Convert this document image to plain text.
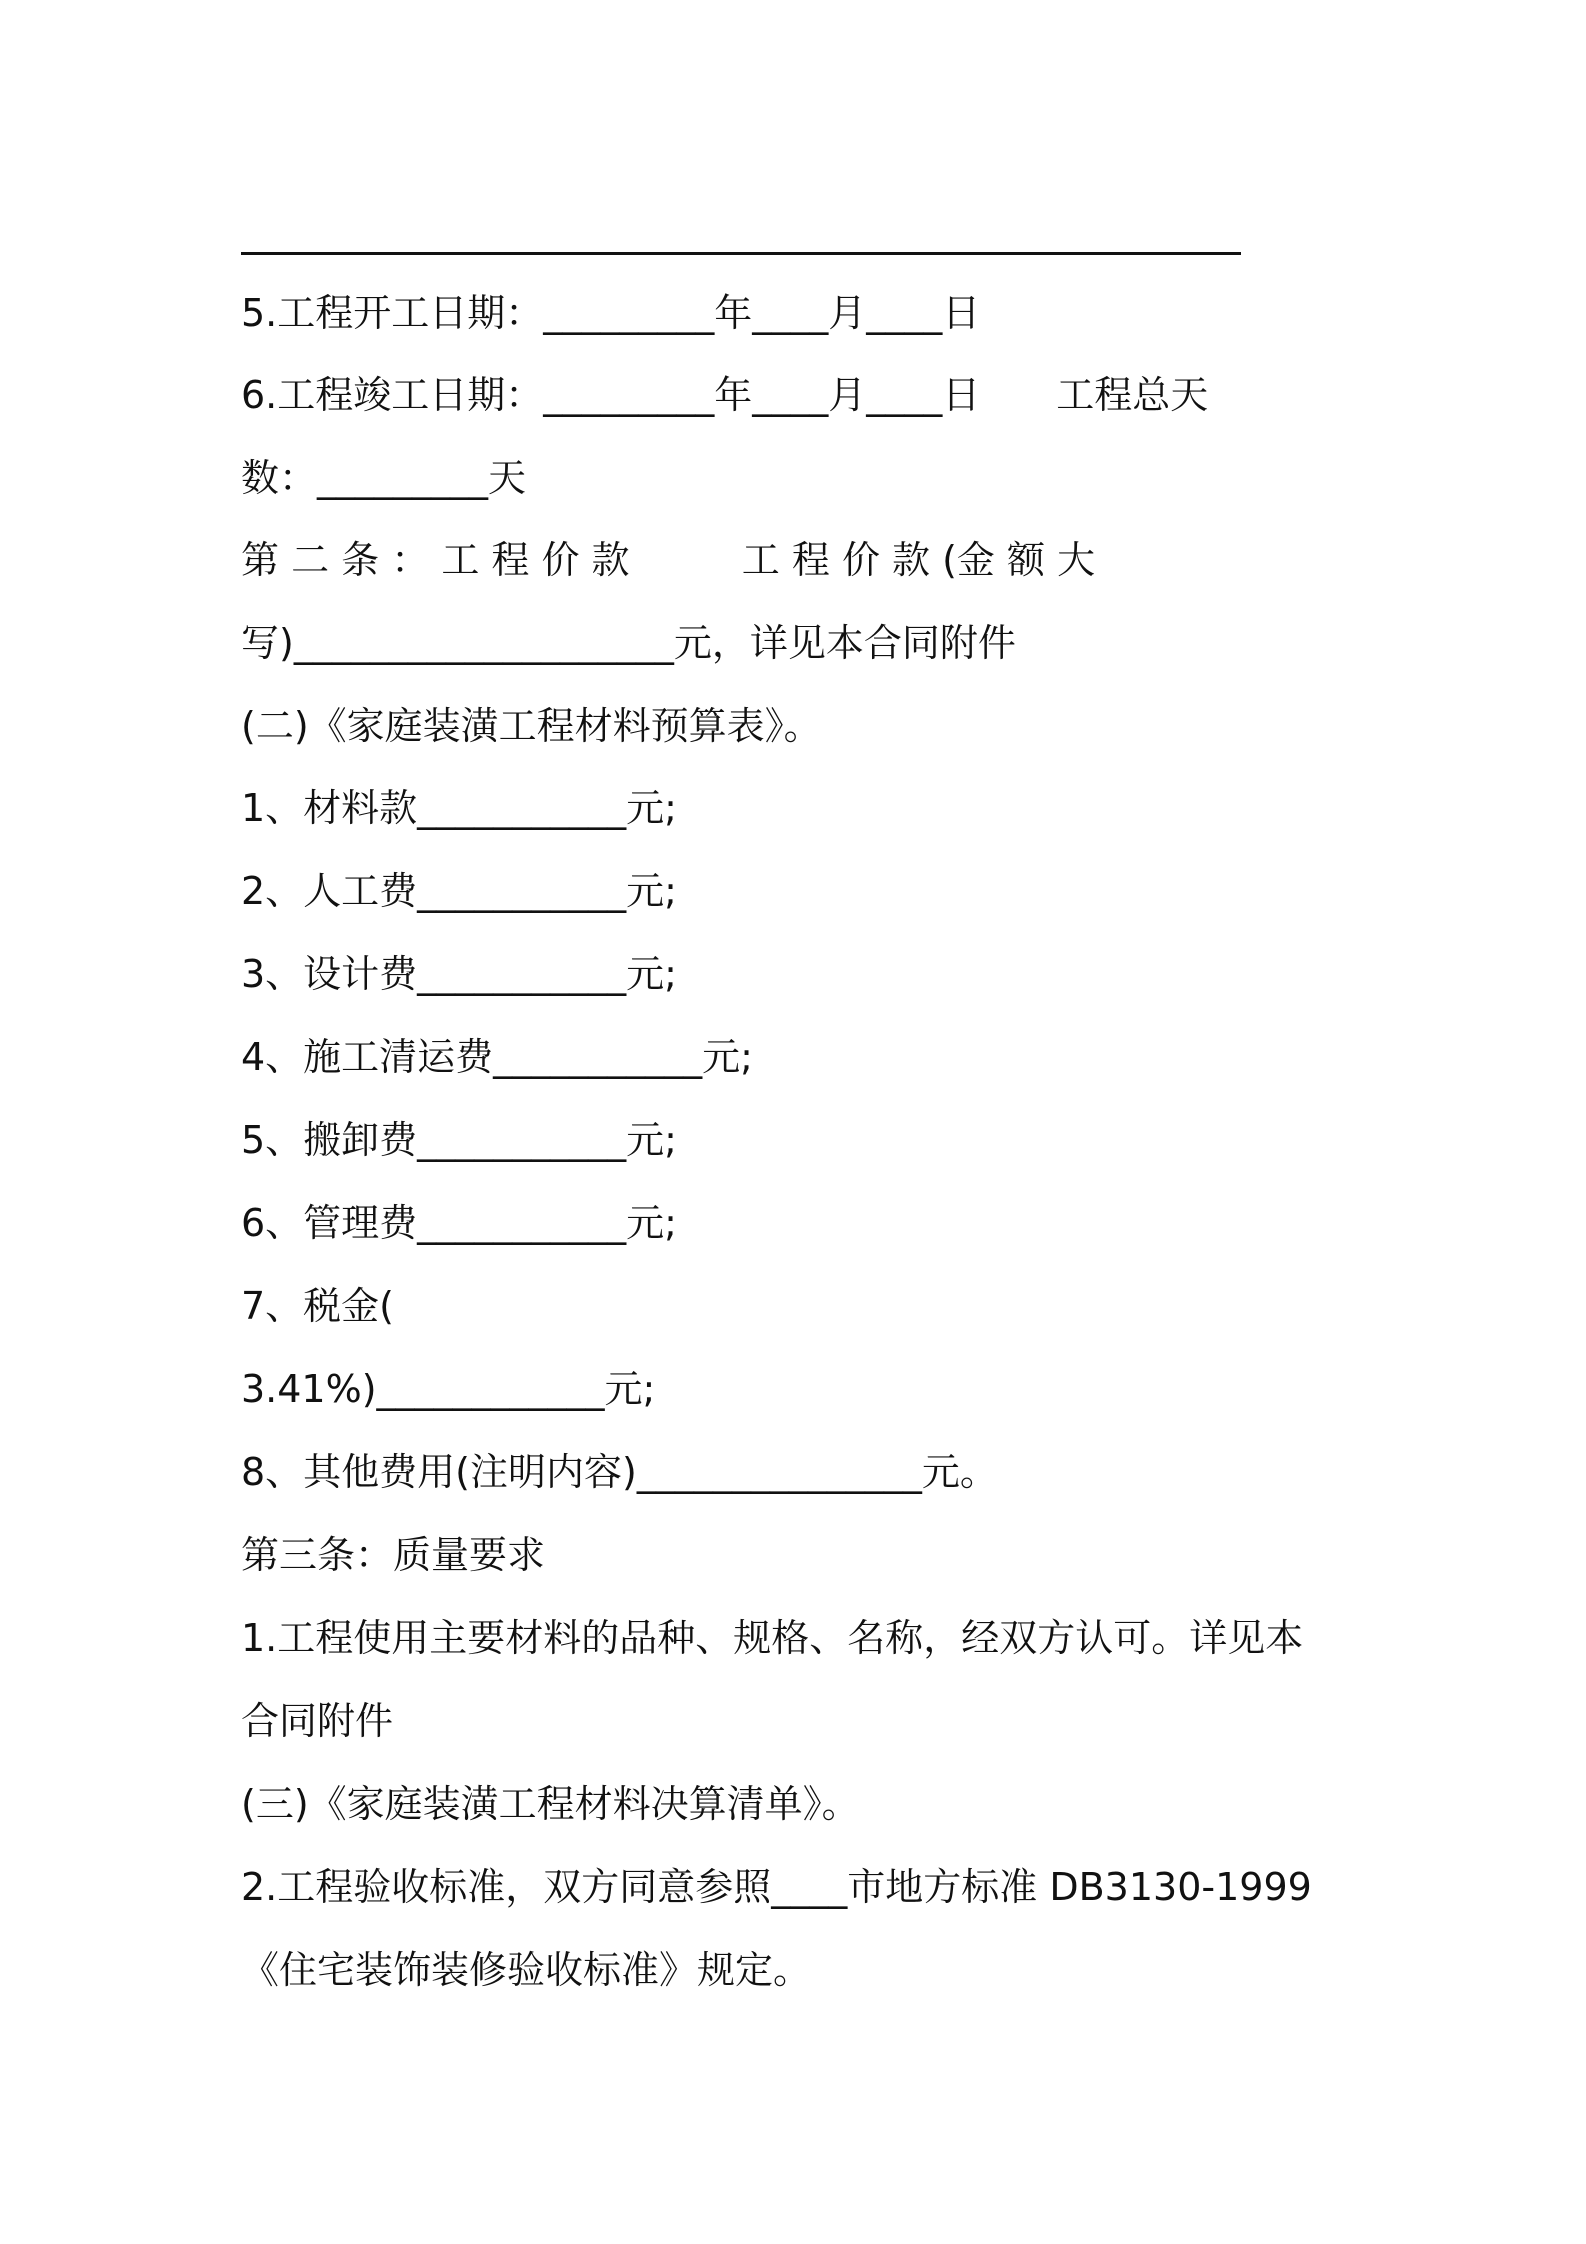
5.工程开工日期：_________年____月____日
6.工程竣工日期：_________年____月____日　　工程总天
数：_________天
第 二 条 ： 工 程 价 款 　 　 工 程 价 款 (金 额 大
写)____________________元，详见本合同附件
(二)《家庭装潢工程材料预算表》。
1、材料款___________元;
2、人工费___________元;
3、设计费___________元;
4、施工清运费___________元;
5、搬卸费___________元;
6、管理费___________元;
7、税金(
3.41%)____________元;
8、其他费用(注明内容)_______________元。
第三条：质量要求
1.工程使用主要材料的品种、规格、名称，经双方认可。详见本
合同附件
(三)《家庭装潢工程材料决算清单》。
2.工程验收标准，双方同意参照____市地方标准 DB3130-1999
《住宅装饰装修验收标准》规定。
